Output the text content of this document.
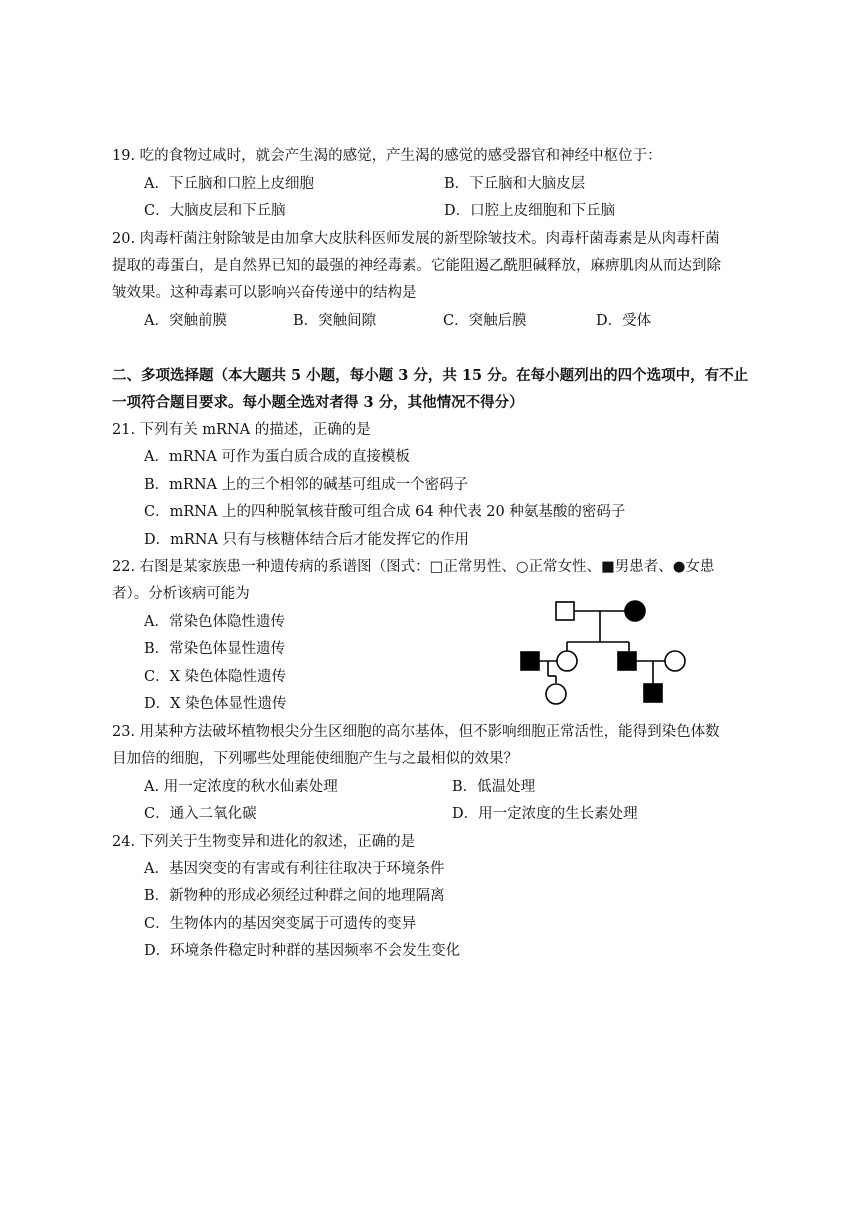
19. 吃的食物过咸时，就会产生渴的感觉，产生渴的感觉的感受器官和神经中枢位于：
A．下丘脑和口腔上皮细胞	B．下丘脑和大脑皮层
C．大脑皮层和下丘脑	D．口腔上皮细胞和下丘脑
20. 肉毒杆菌注射除皱是由加拿大皮肤科医师发展的新型除皱技术。肉毒杆菌毒素是从肉毒杆菌
提取的毒蛋白，是自然界已知的最强的神经毒素。它能阻遏乙酰胆碱释放，麻痹肌肉从而达到除
皱效果。这种毒素可以影响兴奋传递中的结构是
A．突触前膜	B．突触间隙	C．突触后膜	D．受体
二、多项选择题（本大题共 5 小题，每小题 3 分，共 15 分。在每小题列出的四个选项中，有不止
一项符合题目要求。每小题全选对者得 3 分，其他情况不得分）
21. 下列有关 mRNA 的描述，正确的是
A．mRNA 可作为蛋白质合成的直接模板
B．mRNA 上的三个相邻的碱基可组成一个密码子
C．mRNA 上的四种脱氧核苷酸可组合成 64 种代表 20 种氨基酸的密码子
D．mRNA 只有与核糖体结合后才能发挥它的作用
22. 右图是某家族患一种遗传病的系谱图（图式：□正常男性、○正常女性、■男患者、●女患
者）。分析该病可能为
A．常染色体隐性遗传
B．常染色体显性遗传
C．X 染色体隐性遗传
D．X 染色体显性遗传
23. 用某种方法破坏植物根尖分生区细胞的高尔基体，但不影响细胞正常活性，能得到染色体数
目加倍的细胞，下列哪些处理能使细胞产生与之最相似的效果？
A. 用一定浓度的秋水仙素处理	B．低温处理
C．通入二氧化碳	D．用一定浓度的生长素处理
24. 下列关于生物变异和进化的叙述，正确的是
A．基因突变的有害或有利往往取决于环境条件
B．新物种的形成必须经过种群之间的地理隔离
C．生物体内的基因突变属于可遗传的变异
D．环境条件稳定时种群的基因频率不会发生变化
